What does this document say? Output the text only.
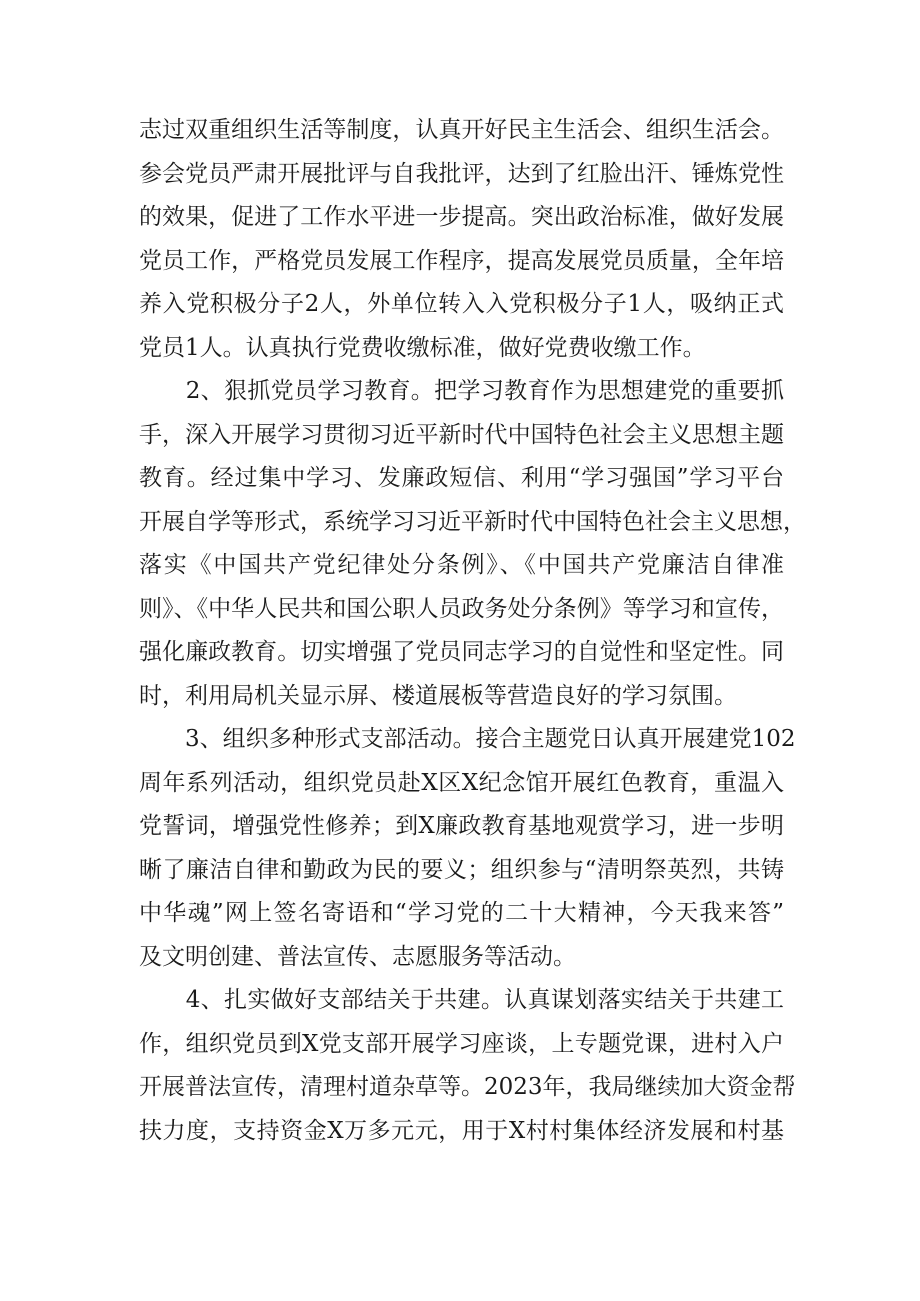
志过双重组织生活等制度，认真开好民主生活会、组织生活会。
参会党员严肃开展批评与自我批评，达到了红脸出汗、锤炼党性
的效果，促进了工作水平进一步提高。突出政治标准，做好发展
党员工作，严格党员发展工作程序，提高发展党员质量，全年培
养入党积极分子2人，外单位转入入党积极分子1人，吸纳正式
党员1人。认真执行党费收缴标准，做好党费收缴工作。
　　2、狠抓党员学习教育。把学习教育作为思想建党的重要抓
手，深入开展学习贯彻习近平新时代中国特色社会主义思想主题
教育。经过集中学习、发廉政短信、利用“学习强国”学习平台
开展自学等形式，系统学习习近平新时代中国特色社会主义思想，
落实《中国共产党纪律处分条例》、《中国共产党廉洁自律准
则》、《中华人民共和国公职人员政务处分条例》等学习和宣传，
强化廉政教育。切实增强了党员同志学习的自觉性和坚定性。同
时，利用局机关显示屏、楼道展板等营造良好的学习氛围。
　　3、组织多种形式支部活动。接合主题党日认真开展建党102
周年系列活动，组织党员赴X区X纪念馆开展红色教育，重温入
党誓词，增强党性修养；到X廉政教育基地观赏学习，进一步明
晰了廉洁自律和勤政为民的要义；组织参与“清明祭英烈，共铸
中华魂”网上签名寄语和“学习党的二十大精神，今天我来答”
及文明创建、普法宣传、志愿服务等活动。
　　4、扎实做好支部结关于共建。认真谋划落实结关于共建工
作，组织党员到X党支部开展学习座谈，上专题党课，进村入户
开展普法宣传，清理村道杂草等。2023年，我局继续加大资金帮
扶力度，支持资金X万多元元，用于X村村集体经济发展和村基
